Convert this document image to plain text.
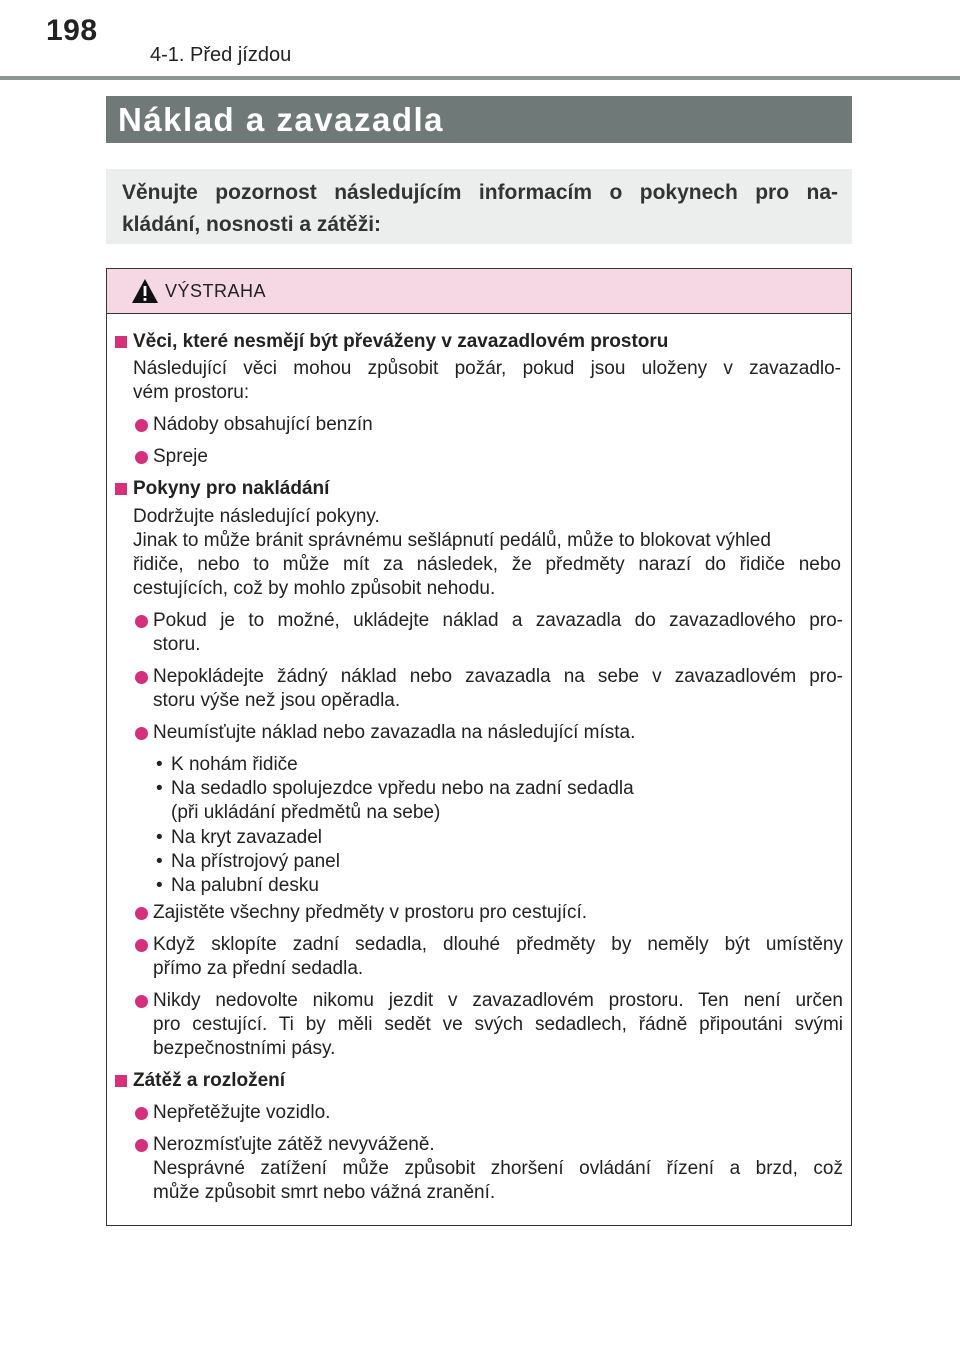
198
4-1. Před jízdou
Náklad a zavazadla

Věnujte pozornost následujícím informacím o pokynech pro na-

kládání, nosnosti a zátěži:

VÝSTRAHA
Věci, které nesmějí být převáženy v zavazadlovém prostoru
Následující věci mohou způsobit požár, pokud jsou uloženy v zavazadlo-
vém prostoru:
Nádoby obsahující benzín
Spreje
Pokyny pro nakládání
Dodržujte následující pokyny.
Jinak to může bránit správnému sešlápnutí pedálů, může to blokovat výhled
řidiče, nebo to může mít za následek, že předměty narazí do řidiče nebo
cestujících, což by mohlo způsobit nehodu.
Pokud je to možné, ukládejte náklad a zavazadla do zavazadlového pro-
storu.
Nepokládejte žádný náklad nebo zavazadla na sebe v zavazadlovém pro-
storu výše než jsou opěradla.
Neumísťujte náklad nebo zavazadla na následující místa.
• K nohám řidiče
• Na sedadlo spolujezdce vpředu nebo na zadní sedadla
(při ukládání předmětů na sebe)
• Na kryt zavazadel
• Na přístrojový panel
• Na palubní desku
Zajistěte všechny předměty v prostoru pro cestující.
Když sklopíte zadní sedadla, dlouhé předměty by neměly být umístěny
přímo za přední sedadla.
Nikdy nedovolte nikomu jezdit v zavazadlovém prostoru. Ten není určen
pro cestující. Ti by měli sedět ve svých sedadlech, řádně připoutáni svými
bezpečnostními pásy.
Zátěž a rozložení
Nepřetěžujte vozidlo.
Nerozmísťujte zátěž nevyváženě.
Nesprávné zatížení může způsobit zhoršení ovládání řízení a brzd, což
může způsobit smrt nebo vážná zranění.
